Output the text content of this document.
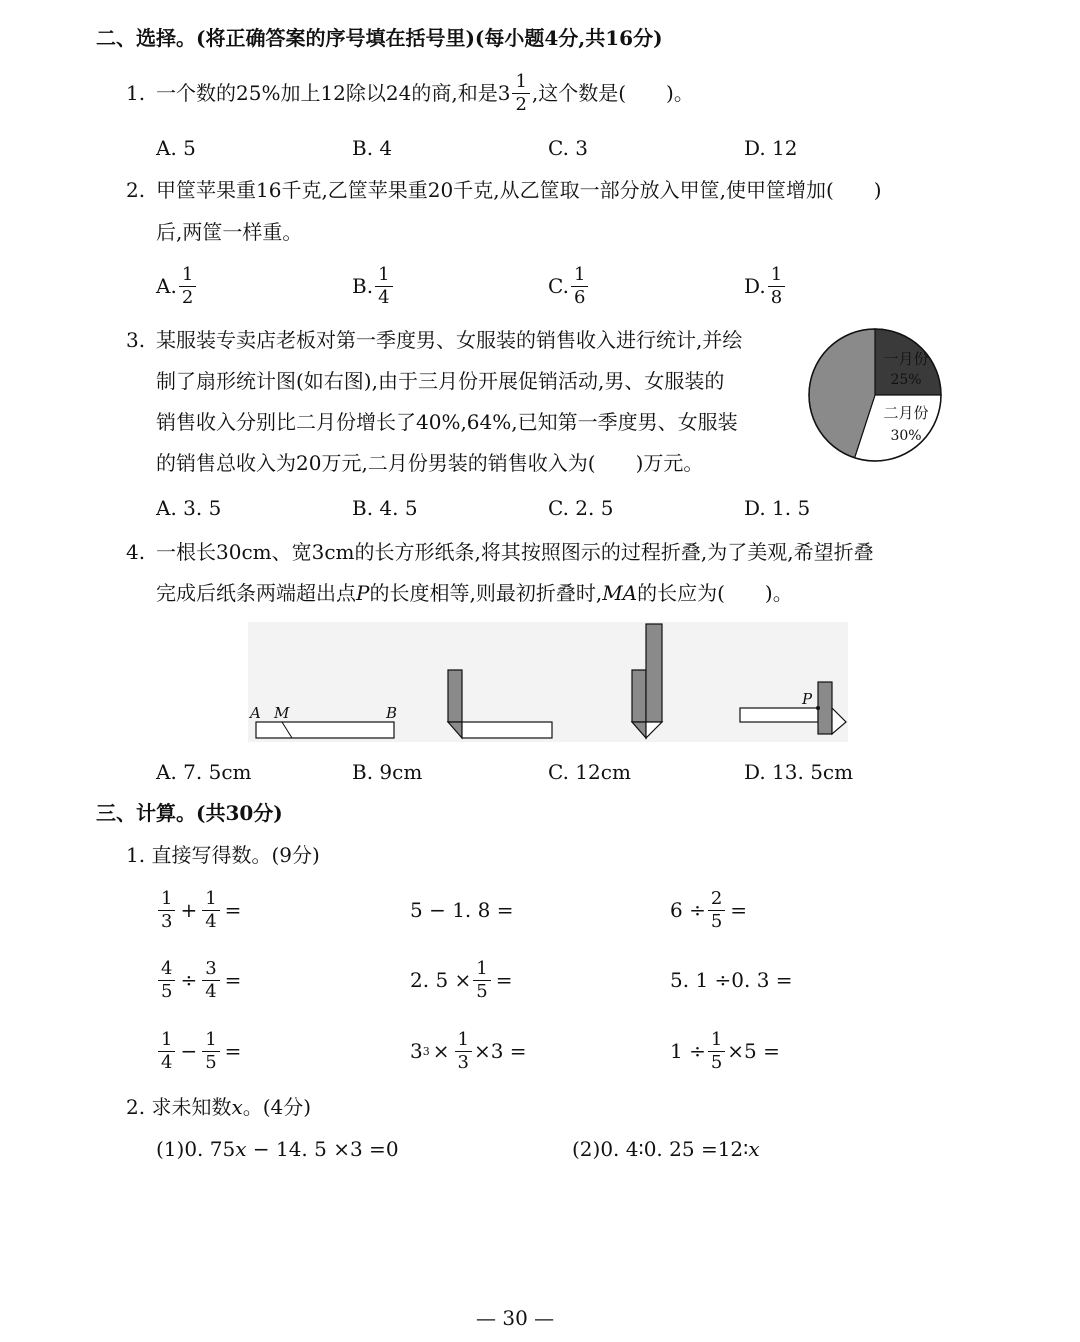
二、选择。(将正确答案的序号填在括号里)(每小题4分,共16分)
1. 一个数的25%加上12除以24的商,和是$3 \frac{1}{2}$ ,这个数是(　　)。
A. 5	B. 4	C. 3	D. 12
2. 甲筐苹果重16千克,乙筐苹果重20千克,从乙筐取一部分放入甲筐,使甲筐增加(　　)
后,两筐一样重。
A. $\frac{1}{2}$	B. $\frac{1}{4}$	C. $\frac{1}{6}$	D. $\frac{1}{8}$
3. 某服装专卖店老板对第一季度男、女服装的销售收入进行统计,并绘
制了扇形统计图(如右图),由于三月份开展促销活动,男、女服装的
销售收入分别比二月份增长了40%,64%,已知第一季度男、女服装
的销售总收入为20万元,二月份男装的销售收入为(　　)万元。
一月份
25%
二月份
30%
A. 3. 5	B. 4. 5	C. 2. 5	D. 1. 5
4. 一根长30cm、宽3cm的长方形纸条,将其按照图示的过程折叠,为了美观,希望折叠
完成后纸条两端超出点P的长度相等,则最初折叠时,MA的长应为(　　)。
A M	B
P
A. 7. 5cm	B. 9cm	C. 12cm	D. 13. 5cm
三、计算。(共30分)
1. 直接写得数。(9分)
$\frac{1}{3} + \frac{1}{4}$ =	5 − 1. 8 =	$6 \div \frac{2}{5}$ =
$\frac{4}{5} \div \frac{3}{4}$ =	2. $5 \times \frac{1}{5}$ =	5. 1 ÷0. 3 =
$\frac{1}{4} - \frac{1}{5}$ =	3 $3 \times \frac{1}{3} \times 3$ =	$1 \div \frac{1}{5} \times 5$ =
2. 求未知数x。(4分)
(1)0. 75x − 14. 5 ×3 =0	(2)0. 4∶0. 25 =12∶x
— 30 —
